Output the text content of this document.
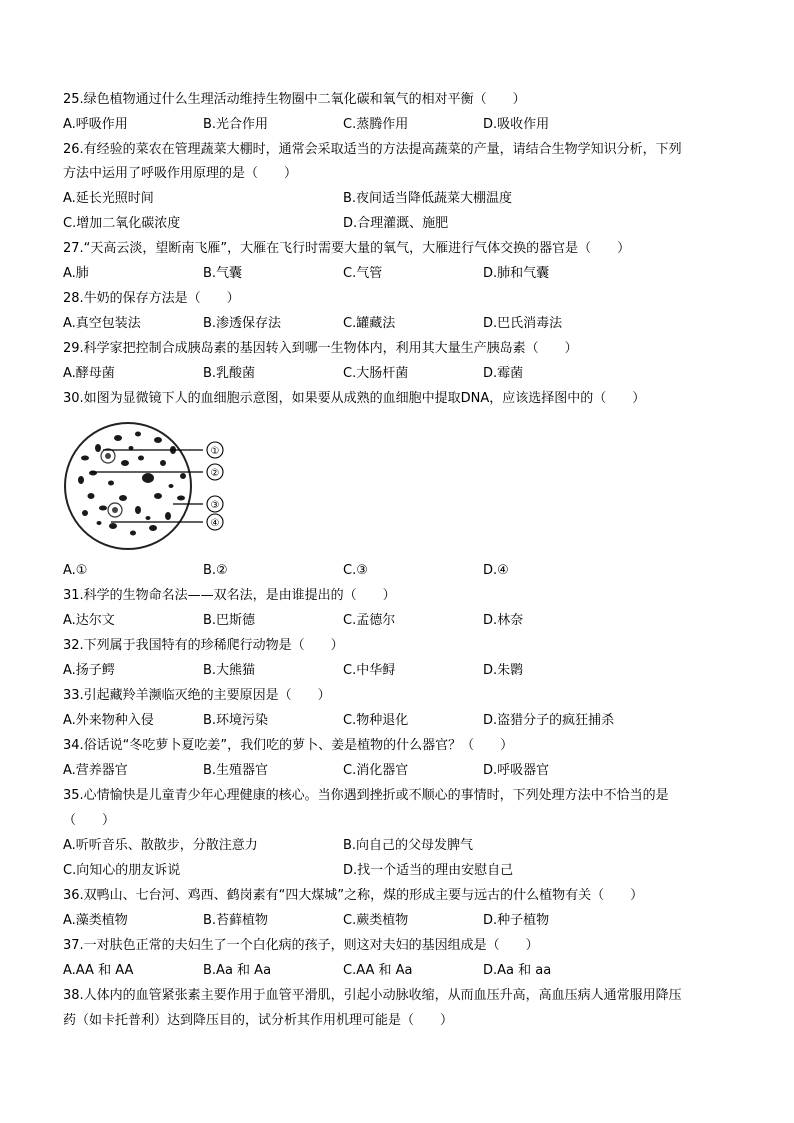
25.绿色植物通过什么生理活动维持生物圈中二氧化碳和氧气的相对平衡（　　）
A.呼吸作用	B.光合作用	C.蒸腾作用	D.吸收作用
26.有经验的菜农在管理蔬菜大棚时，通常会采取适当的方法提高蔬菜的产量，请结合生物学知识分析，下列
方法中运用了呼吸作用原理的是（　　）
A.延长光照时间	B.夜间适当降低蔬菜大棚温度
C.增加二氧化碳浓度	D.合理灌溉、施肥
27.“天高云淡，望断南飞雁”，大雁在飞行时需要大量的氧气，大雁进行气体交换的器官是（　　）
A.肺	B.气囊	C.气管	D.肺和气囊
28.牛奶的保存方法是（　　）
A.真空包装法	B.渗透保存法	C.罐藏法	D.巴氏消毒法
29.科学家把控制合成胰岛素的基因转入到哪一生物体内，利用其大量生产胰岛素（　　）
A.酵母菌	B.乳酸菌	C.大肠杆菌	D.霉菌
30.如图为显微镜下人的血细胞示意图，如果要从成熟的血细胞中提取DNA，应该选择图中的（　　）
①
②
③
④
A.①	B.②	C.③	D.④
31.科学的生物命名法——双名法，是由谁提出的（　　）
A.达尔文	B.巴斯德	C.孟德尔	D.林奈
32.下列属于我国特有的珍稀爬行动物是（　　）
A.扬子鳄	B.大熊猫	C.中华鲟	D.朱鹮
33.引起藏羚羊濒临灭绝的主要原因是（　　）
A.外来物种入侵	B.环境污染	C.物种退化	D.盗猎分子的疯狂捕杀
34.俗话说“冬吃萝卜夏吃姜”，我们吃的萝卜、姜是植物的什么器官？（　　）
A.营养器官	B.生殖器官	C.消化器官	D.呼吸器官
35.心情愉快是儿童青少年心理健康的核心。当你遇到挫折或不顺心的事情时，下列处理方法中不恰当的是
（　　）
A.听听音乐、散散步，分散注意力	B.向自己的父母发脾气
C.向知心的朋友诉说	D.找一个适当的理由安慰自己
36.双鸭山、七台河、鸡西、鹤岗素有“四大煤城”之称，煤的形成主要与远古的什么植物有关（　　）
A.藻类植物	B.苔藓植物	C.蕨类植物	D.种子植物
37.一对肤色正常的夫妇生了一个白化病的孩子，则这对夫妇的基因组成是（　　）
A.AA 和 AA	B.Aa 和 Aa	C.AA 和 Aa	D.Aa 和 aa
38.人体内的血管紧张素主要作用于血管平滑肌，引起小动脉收缩，从而血压升高，高血压病人通常服用降压
药（如卡托普利）达到降压目的，试分析其作用机理可能是（　　）
